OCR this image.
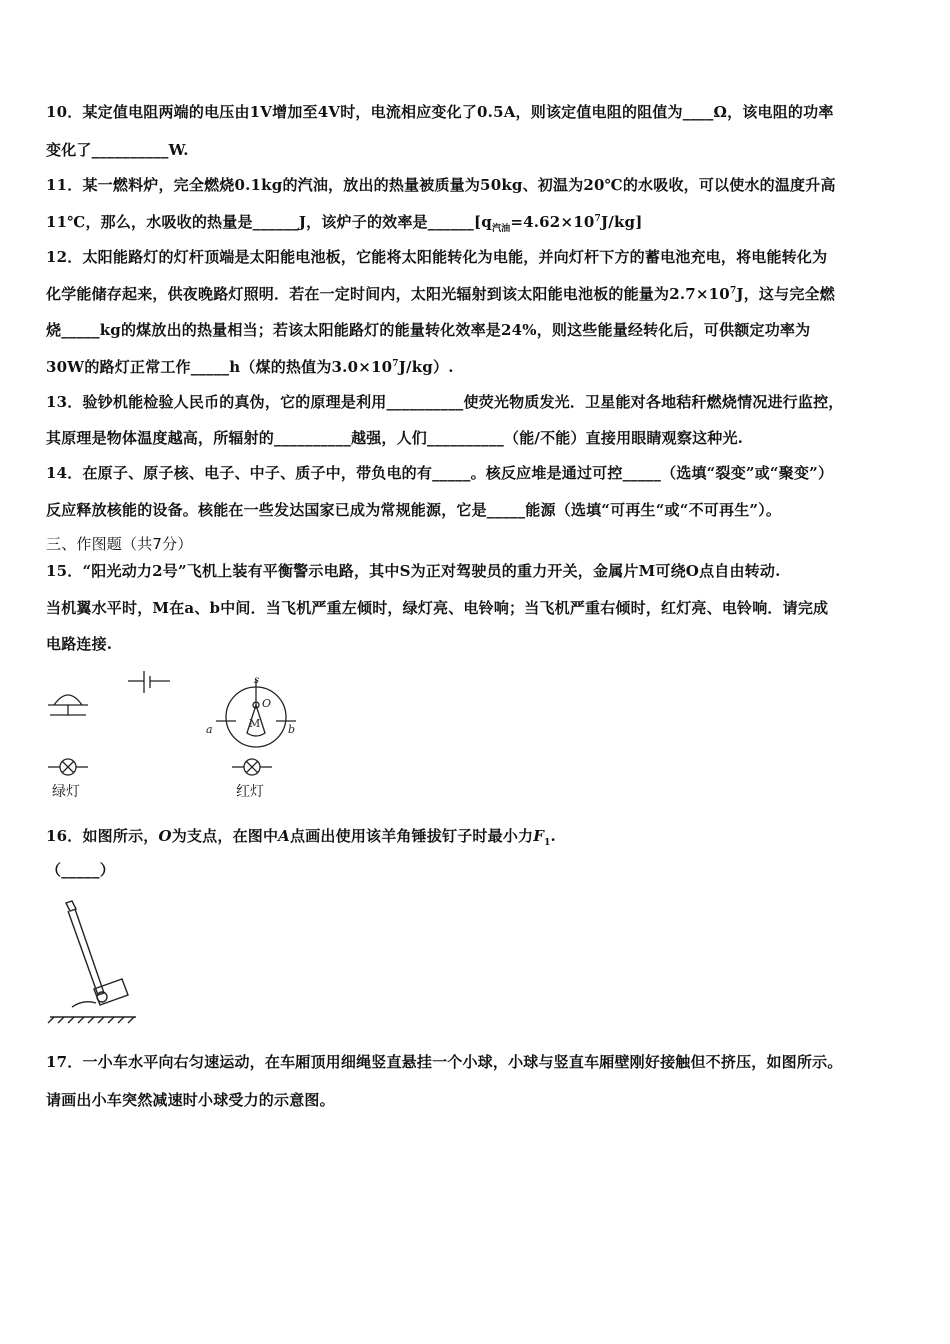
10．某定值电阻两端的电压由1V增加至4V时，电流相应变化了0.5A，则该定值电阻的阻值为____Ω，该电阻的功率
变化了__________W.
11．某一燃料炉，完全燃烧0.1kg的汽油，放出的热量被质量为50kg、初温为20℃的水吸收，可以使水的温度升高
11℃，那么，水吸收的热量是______J，该炉子的效率是$\_\_\_\_\_\_[q_{汽油}=4.62\times 10^7J/kg]$
12．太阳能路灯的灯杆顶端是太阳能电池板，它能将太阳能转化为电能，并向灯杆下方的蓄电池充电，将电能转化为
化学能储存起来，供夜晚路灯照明．若在一定时间内，太阳光辐射到该太阳能电池板的能量为$2.7\times 10^7J$，这与完全燃
烧_____kg的煤放出的热量相当；若该太阳能路灯的能量转化效率是24%，则这些能量经转化后，可供额定功率为
30W的路灯正常工作_____h（煤的热值为$3.0\times 10^7J/kg$）.
13．验钞机能检验人民币的真伪，它的原理是利用__________使荧光物质发光．卫星能对各地秸秆燃烧情况进行监控，
其原理是物体温度越高，所辐射的__________越强，人们__________（能/不能）直接用眼睛观察这种光.
14．在原子、原子核、电子、中子、质子中，带负电的有_____。核反应堆是通过可控_____（选填“裂变”或“聚变”）
反应释放核能的设备。核能在一些发达国家已成为常规能源，它是_____能源（选填“可再生“或“不可再生”）。
三、作图题（共7分）
15．“阳光动力2号”飞机上装有平衡警示电路，其中S为正对驾驶员的重力开关，金属片M可绕O点自由转动.
当机翼水平时，M在a、b中间．当飞机严重左倾时，绿灯亮、电铃响；当飞机严重右倾时，红灯亮、电铃响．请完成
电路连接.
s
O
M
a	b
绿灯	红灯
16．如图所示，O为支点，在图中A点画出使用该羊角锤拔钉子时最小力$F_1$.
（_____）
17．一小车水平向右匀速运动，在车厢顶用细绳竖直悬挂一个小球，小球与竖直车厢壁刚好接触但不挤压，如图所示。
请画出小车突然减速时小球受力的示意图。
